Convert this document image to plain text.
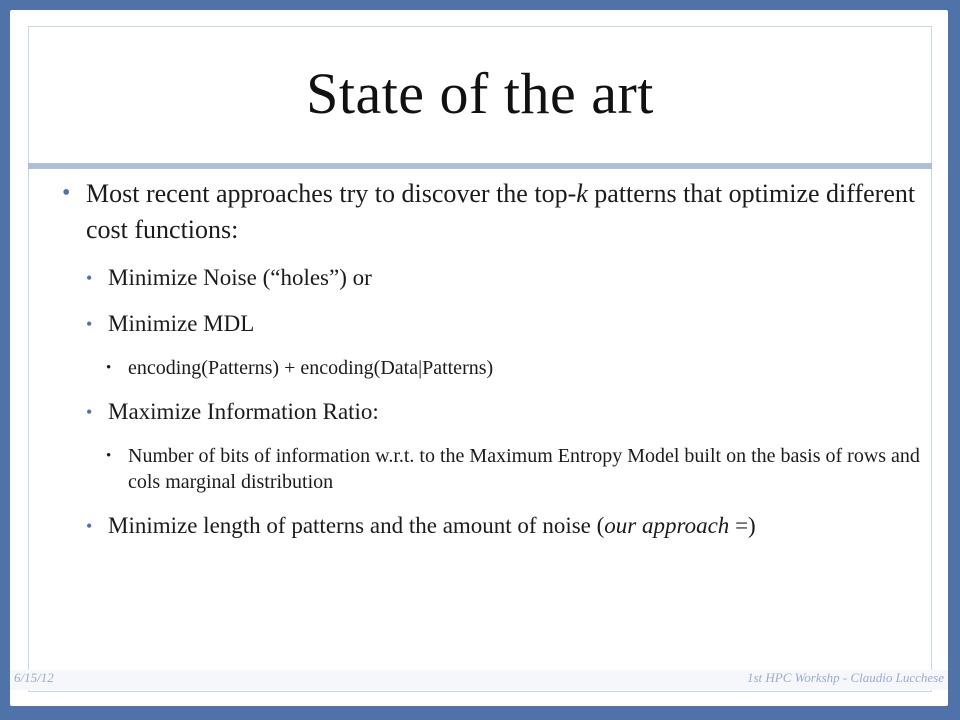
State of the art
• Most recent approaches try to discover the top-k patterns that optimize different cost functions:
• Minimize Noise (“holes”) or
• Minimize MDL
• encoding(Patterns) + encoding(Data|Patterns)
• Maximize Information Ratio:
• Number of bits of information w.r.t. to the Maximum Entropy Model built on the basis of rows and cols marginal distribution
• Minimize length of patterns and the amount of noise (our approach =)
6/15/12	1st HPC Workshp - Claudio Lucchese
